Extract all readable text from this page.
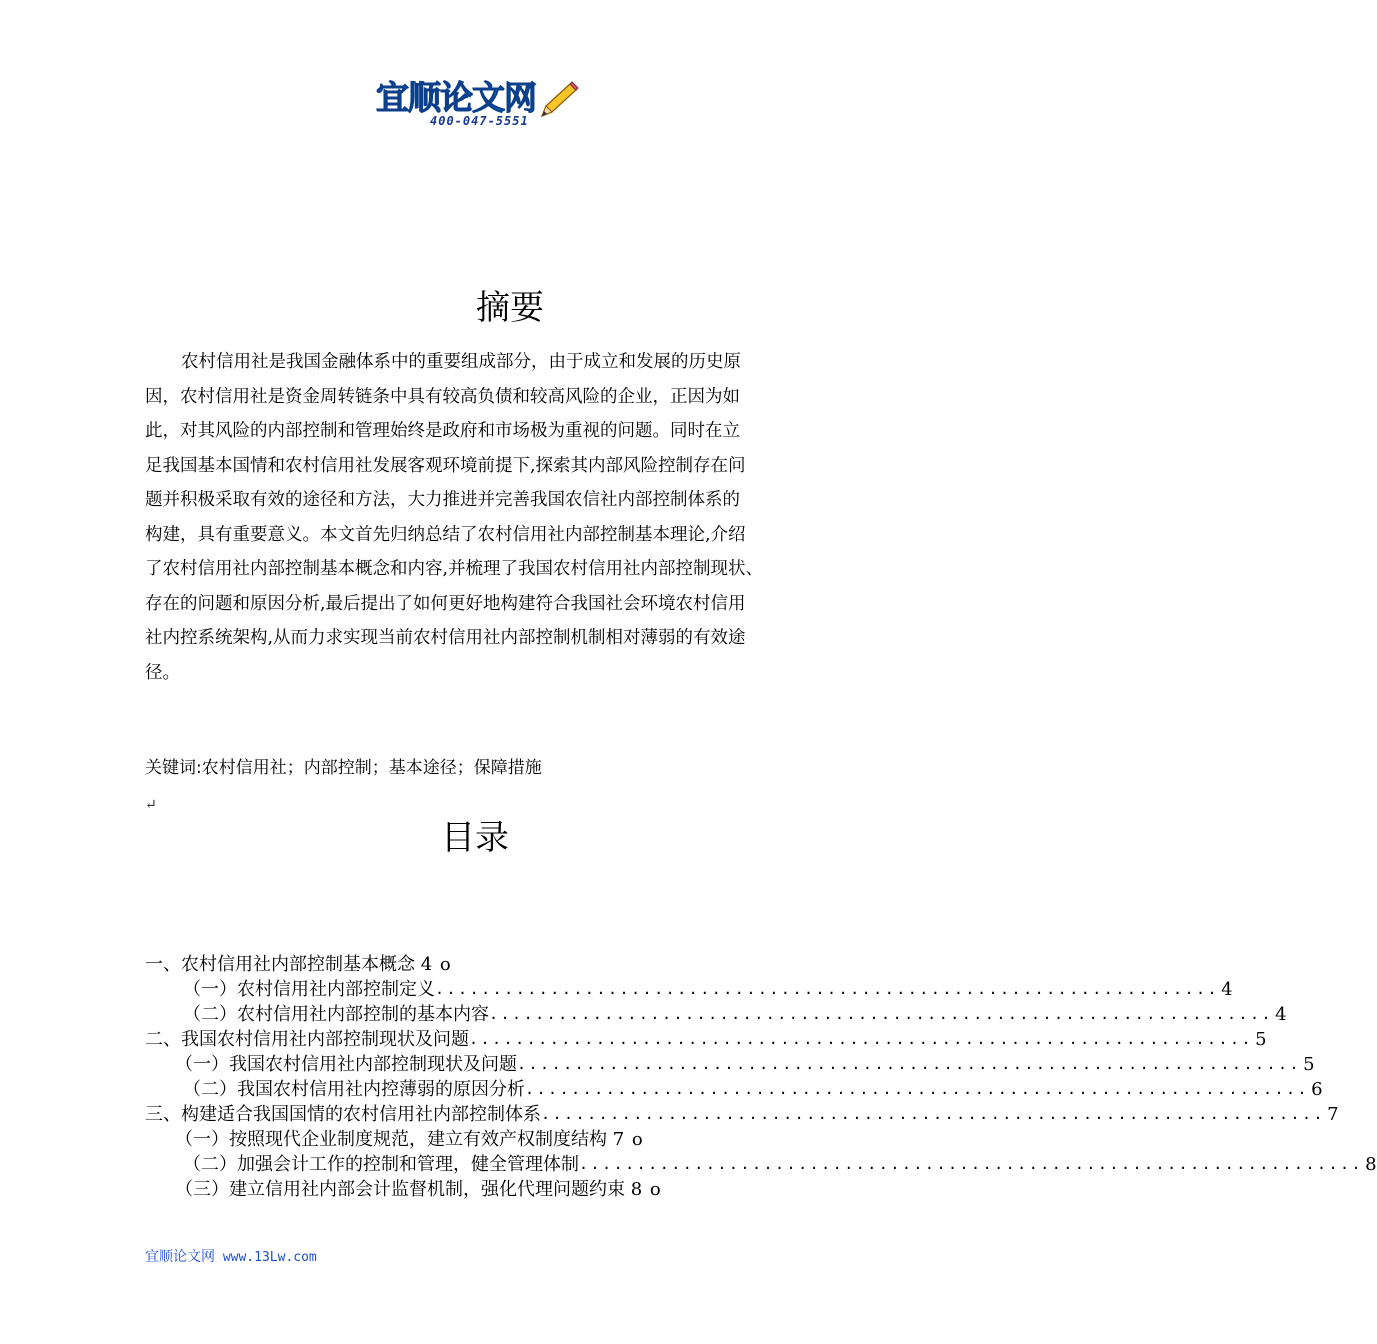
宜顺论文网
400-047-5551
摘要
农村信用社是我国金融体系中的重要组成部分，由于成立和发展的历史原
因，农村信用社是资金周转链条中具有较高负债和较高风险的企业，正因为如
此，对其风险的内部控制和管理始终是政府和市场极为重视的问题。同时在立
足我国基本国情和农村信用社发展客观环境前提下,探索其内部风险控制存在问
题并积极采取有效的途径和方法，大力推进并完善我国农信社内部控制体系的
构建，具有重要意义。本文首先归纳总结了农村信用社内部控制基本理论,介绍
了农村信用社内部控制基本概念和内容,并梳理了我国农村信用社内部控制现状、
存在的问题和原因分析,最后提出了如何更好地构建符合我国社会环境农村信用
社内控系统架构,从而力求实现当前农村信用社内部控制机制相对薄弱的有效途
径。
关键词:农村信用社；内部控制；基本途径；保障措施
↵
目录
一、农村信用社内部控制基本概念 4 ο
（一）农村信用社内部控制定义 .................................................................... 4
（二）农村信用社内部控制的基本内容 .................................................................... 4
二、我国农村信用社内部控制现状及问题 .................................................................... 5
（一）我国农村信用社内部控制现状及问题 .................................................................... 5
（二）我国农村信用社内控薄弱的原因分析 .................................................................... 6
三、构建适合我国国情的农村信用社内部控制体系 .................................................................... 7
（一）按照现代企业制度规范，建立有效产权制度结构 7 ο
（二）加强会计工作的控制和管理，健全管理体制 .................................................................... 8
（三）建立信用社内部会计监督机制，强化代理问题约束 8 ο
宜顺论文网 www.13Lw.com
